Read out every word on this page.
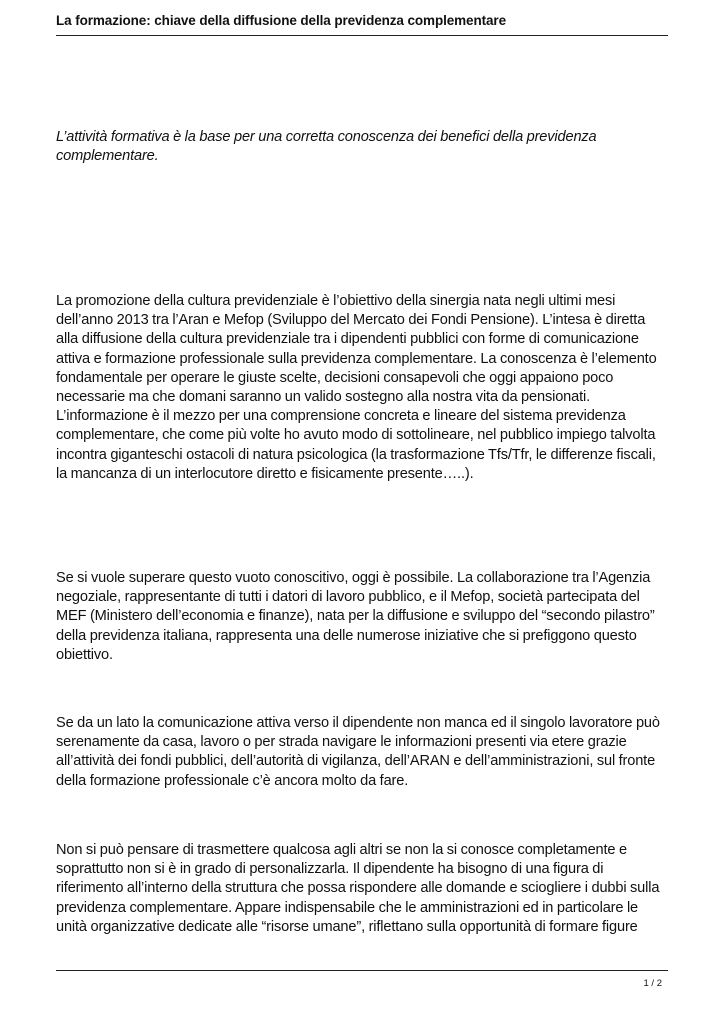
La formazione: chiave della diffusione della previdenza complementare

L’attività formativa è la base per una corretta conoscenza dei benefici della previdenza complementare.

La promozione della cultura previdenziale è l’obiettivo della sinergia nata negli ultimi mesi dell’anno 2013 tra l’Aran e Mefop (Sviluppo del Mercato dei Fondi Pensione). L’intesa è diretta alla diffusione della cultura previdenziale tra i dipendenti pubblici con forme di comunicazione attiva e formazione professionale sulla previdenza complementare. La conoscenza è l’elemento fondamentale per operare le giuste scelte, decisioni consapevoli che oggi appaiono poco necessarie ma che domani saranno un valido sostegno alla nostra vita da pensionati. L’informazione è il mezzo per una comprensione concreta e lineare del sistema previdenza complementare, che come più volte ho avuto modo di sottolineare, nel pubblico impiego talvolta incontra giganteschi ostacoli di natura psicologica (la trasformazione Tfs/Tfr, le differenze fiscali, la mancanza di un interlocutore diretto e fisicamente presente…..).

Se si vuole superare questo vuoto conoscitivo, oggi è possibile. La collaborazione tra l’Agenzia negoziale, rappresentante di tutti i datori di lavoro pubblico, e il Mefop, società partecipata del MEF (Ministero dell’economia e finanze), nata per la diffusione e sviluppo del “secondo pilastro” della previdenza italiana, rappresenta una delle numerose iniziative che si prefiggono questo obiettivo.

Se da un lato la comunicazione attiva verso il dipendente non manca ed il singolo lavoratore può serenamente da casa, lavoro o per strada navigare le informazioni presenti via etere grazie all’attività dei fondi pubblici, dell’autorità di vigilanza, dell’ARAN e dell’amministrazioni, sul fronte della formazione professionale c’è ancora molto da fare.

Non si può pensare di trasmettere qualcosa agli altri se non la si conosce completamente e soprattutto non si è in grado di personalizzarla. Il dipendente ha bisogno di una figura di riferimento all’interno della struttura che possa rispondere alle domande e sciogliere i dubbi sulla previdenza complementare. Appare indispensabile che le amministrazioni ed in particolare le unità organizzative dedicate alle “risorse umane”, riflettano sulla opportunità di formare figure

1 / 2
